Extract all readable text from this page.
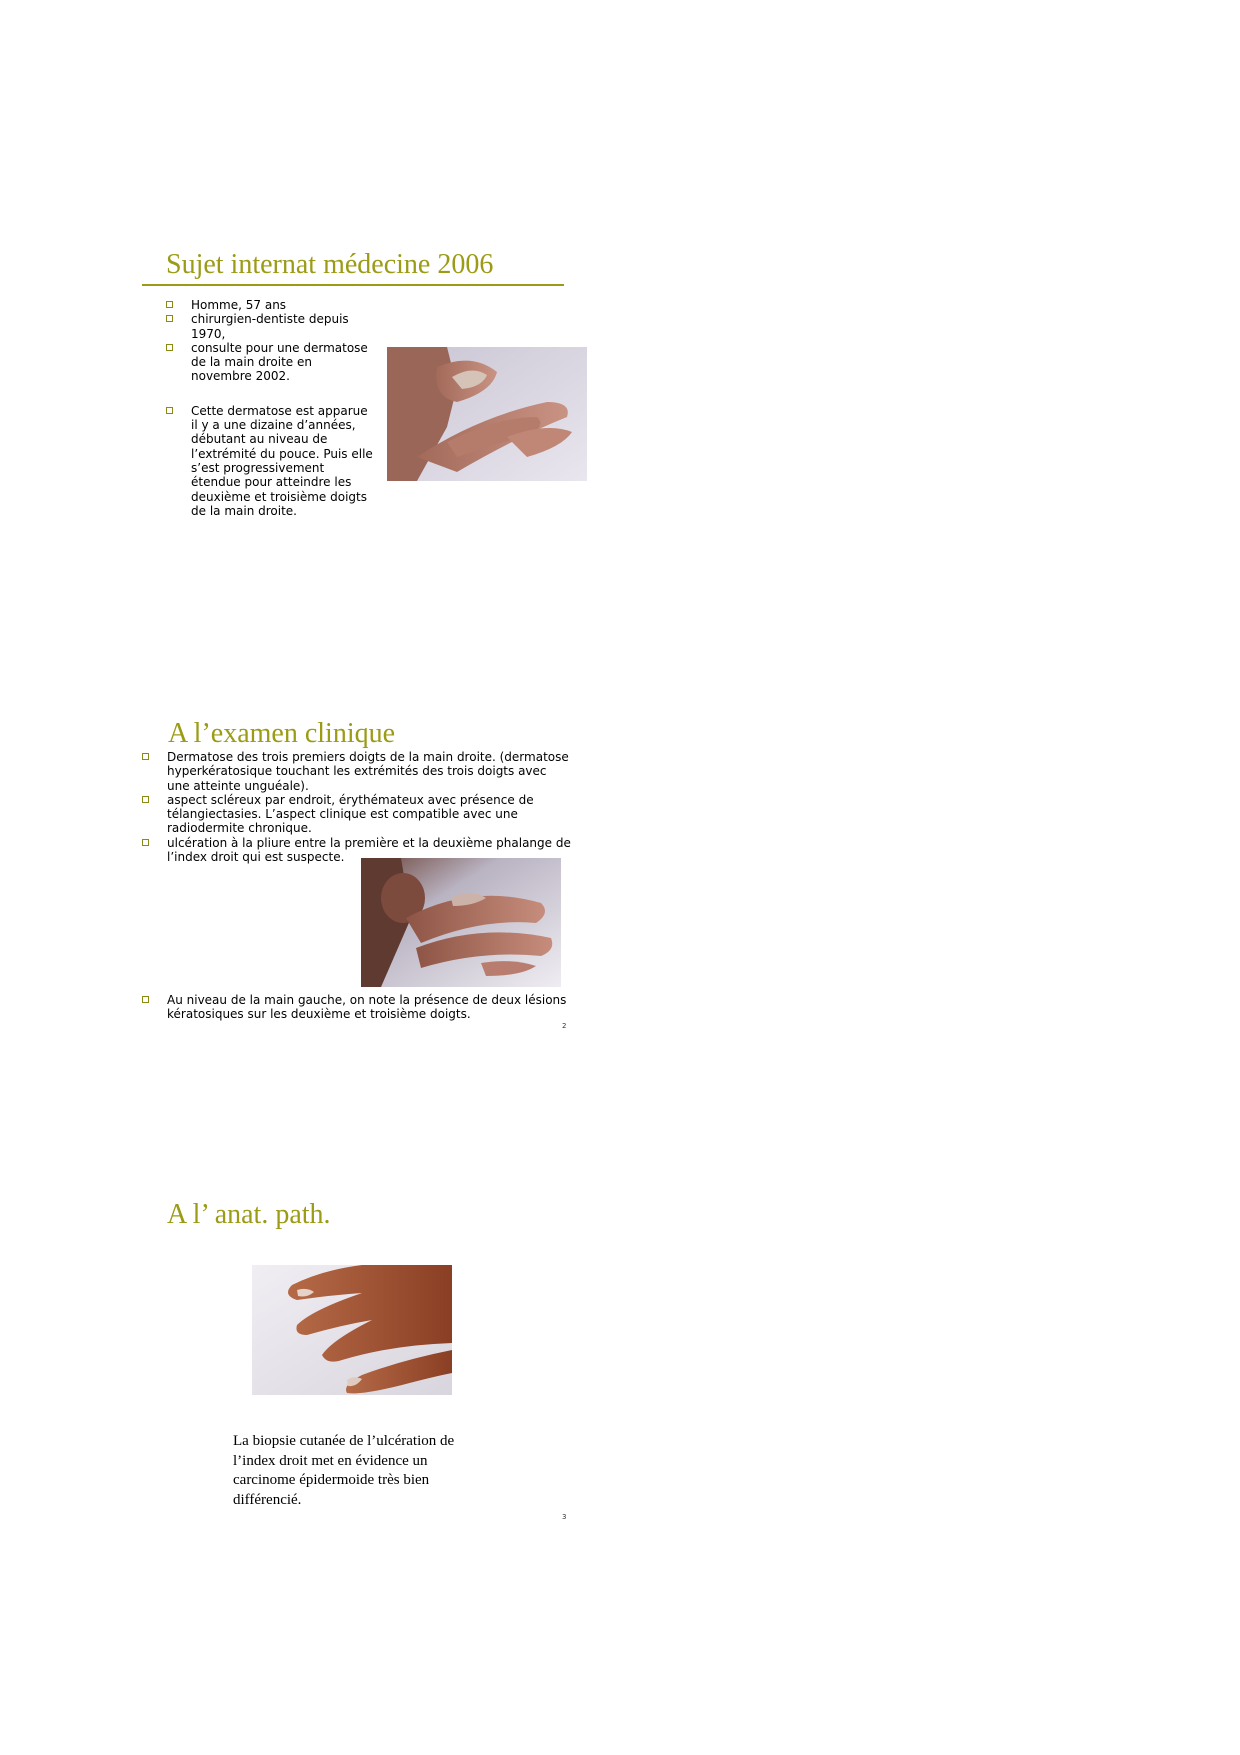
Sujet internat médecine 2006
Homme, 57 ans
chirurgien-dentiste depuis 1970,
consulte pour une dermatose de la main droite en novembre 2002.
Cette dermatose est apparue il y a une dizaine d’années, débutant au niveau de l’extrémité du pouce. Puis elle s’est progressivement étendue pour atteindre les deuxième et troisième doigts de la main droite.
A l’examen clinique
Dermatose des trois premiers doigts de la main droite. (dermatose hyperkératosique touchant les extrémités des trois doigts avec une atteinte unguéale).
aspect scléreux par endroit, érythémateux avec présence de télangiectasies. L’aspect clinique est compatible avec une radiodermite chronique.
ulcération à la pliure entre la première et la deuxième phalange de l’index droit qui est suspecte.
Au niveau de la main gauche, on note la présence de deux lésions kératosiques sur les deuxième et troisième doigts.
2
A l’ anat. path.

La biopsie cutanée de l’ulcération de l’index droit met en évidence un carcinome épidermoide très bien différencié.

3
